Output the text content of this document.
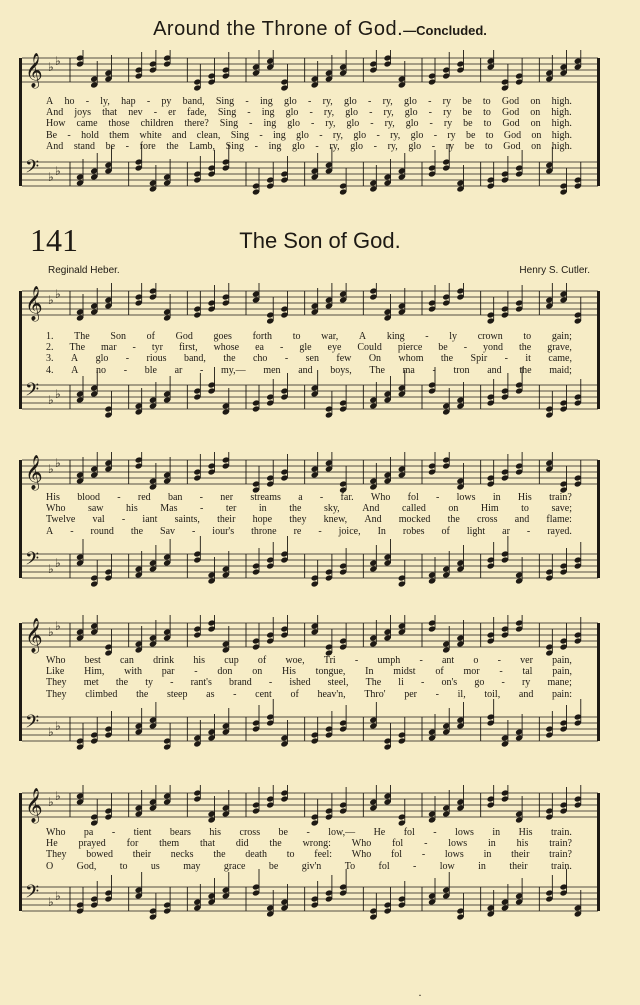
Around the Throne of God.—Concluded.
𝄞 ♭ ♭
𝄢 ♭ ♭
A ho - ly, hap - py band, Sing - ing glo - ry, glo - ry, glo - ry be to God on high.
And joys that nev - er fade, Sing - ing glo - ry, glo - ry, glo - ry be to God on high.
How came those children there? Sing - ing glo - ry, glo - ry, glo - ry be to God on high.
Be - hold them white and clean, Sing - ing glo - ry, glo - ry, glo - ry be to God on high.
And stand be - fore the Lamb, Sing - ing glo - ry, glo - ry, glo - ry be to God on high.
141	The Son of God.
Reginald Heber.	Henry S. Cutler.
𝄞 ♭ ♭
𝄢 ♭ ♭
1. The Son of God goes forth to war, A king - ly crown to gain;
2. The mar - tyr first, whose ea - gle eye Could pierce be - yond the grave,
3. A glo - rious band, the cho - sen few On whom the Spir - it came,
4. A no - ble ar - my,— men and boys, The ma - tron and the maid;
𝄞 ♭ ♭
𝄢 ♭ ♭
His blood - red ban - ner streams a - far. Who fol - lows in His train?
Who saw his Mas - ter in the sky, And called on Him to save;
Twelve val - iant saints, their hope they knew, And mocked the cross and flame:
A - round the Sav - iour's throne re - joice, In robes of light ar - rayed.
𝄞 ♭ ♭
𝄢 ♭ ♭
Who best can drink his cup of woe, Tri - umph - ant o - ver pain,
Like Him, with par - don on His tongue, In midst of mor - tal pain,
They met the ty - rant's brand - ished steel, The li - on's go - ry mane;
They climbed the steep as - cent of heav'n, Thro' per - il, toil, and pain:
𝄞 ♭ ♭
𝄢 ♭ ♭
Who pa - tient bears his cross be - low,— He fol - lows in His train.
He prayed for them that did the wrong: Who fol - lows in his train?
They bowed their necks the death to feel: Who fol - lows in their train?
O God, to us may grace be giv'n To fol - low in their train.
·
